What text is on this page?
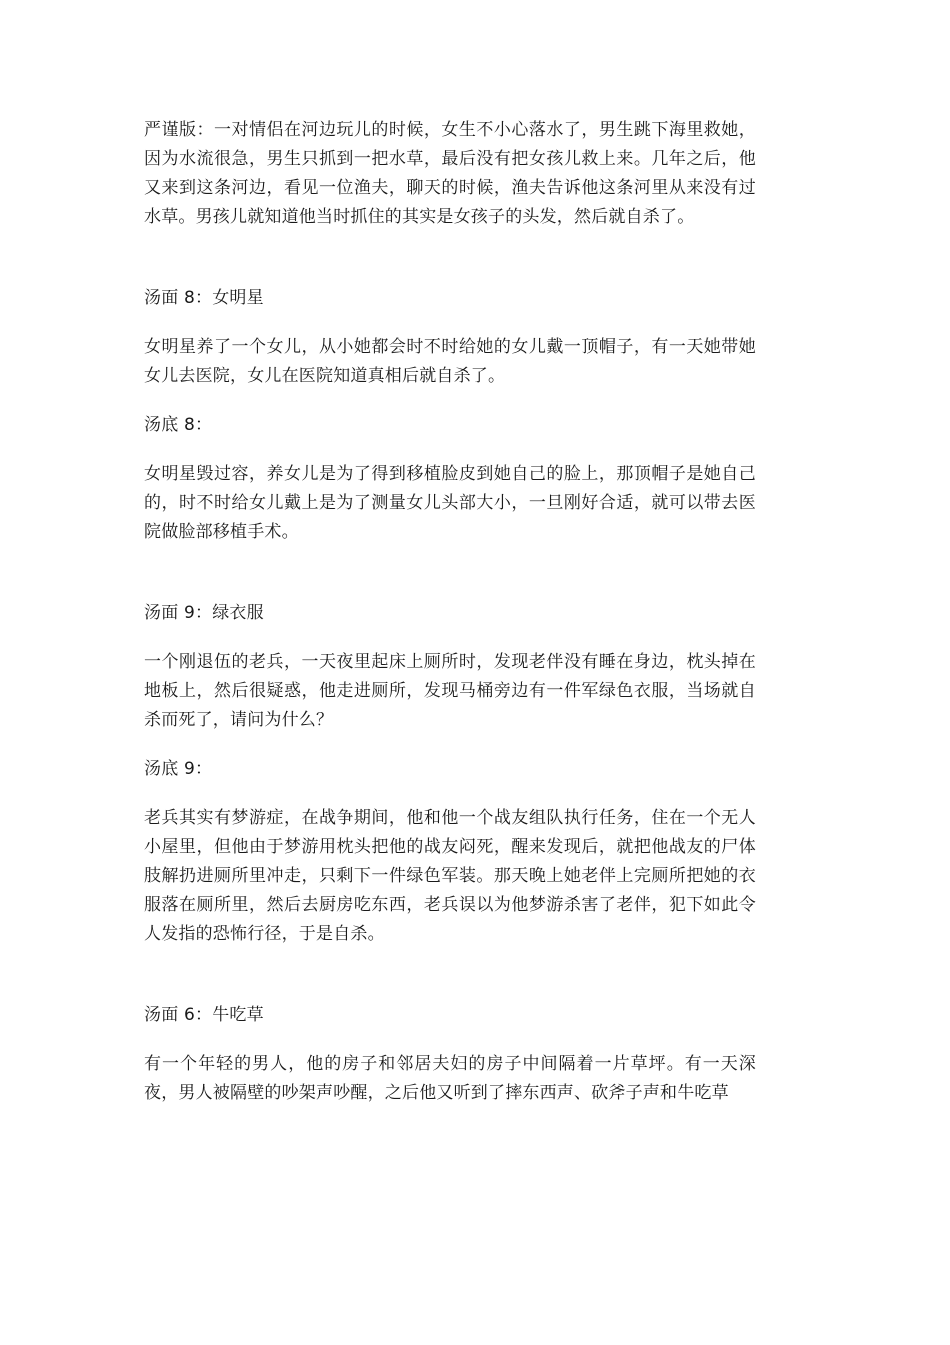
严谨版：一对情侣在河边玩儿的时候，女生不小心落水了，男生跳下海里救她，因为水流很急，男生只抓到一把水草，最后没有把女孩儿救上来。几年之后，他又来到这条河边，看见一位渔夫，聊天的时候，渔夫告诉他这条河里从来没有过水草。男孩儿就知道他当时抓住的其实是女孩子的头发，然后就自杀了。

汤面 8：女明星

女明星养了一个女儿，从小她都会时不时给她的女儿戴一顶帽子，有一天她带她女儿去医院，女儿在医院知道真相后就自杀了。

汤底 8：

女明星毁过容，养女儿是为了得到移植脸皮到她自己的脸上，那顶帽子是她自己的，时不时给女儿戴上是为了测量女儿头部大小，一旦刚好合适，就可以带去医院做脸部移植手术。

汤面 9：绿衣服

一个刚退伍的老兵，一天夜里起床上厕所时，发现老伴没有睡在身边，枕头掉在地板上，然后很疑惑，他走进厕所，发现马桶旁边有一件军绿色衣服，当场就自杀而死了，请问为什么？

汤底 9：

老兵其实有梦游症，在战争期间，他和他一个战友组队执行任务，住在一个无人小屋里，但他由于梦游用枕头把他的战友闷死，醒来发现后，就把他战友的尸体肢解扔进厕所里冲走，只剩下一件绿色军装。那天晚上她老伴上完厕所把她的衣服落在厕所里，然后去厨房吃东西，老兵误以为他梦游杀害了老伴，犯下如此令人发指的恐怖行径，于是自杀。

汤面 6：牛吃草

有一个年轻的男人，他的房子和邻居夫妇的房子中间隔着一片草坪。有一天深夜，男人被隔壁的吵架声吵醒，之后他又听到了摔东西声、砍斧子声和牛吃草
